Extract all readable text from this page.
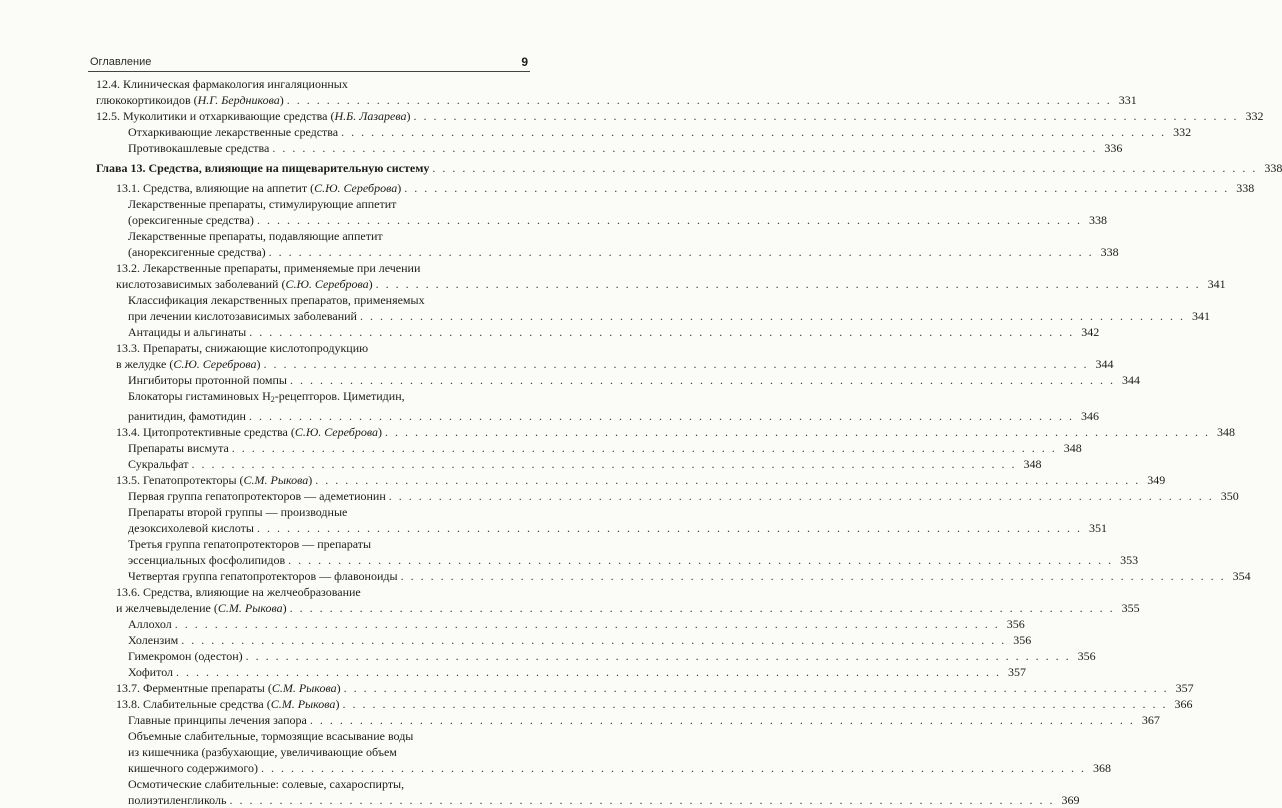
Оглавление	9
12.4. Клиническая фармакология ингаляционных
глюкокортикоидов (Н.Г. Бердникова) . . .	331
12.5. Муколитики и отхаркивающие средства (Н.Б. Лазарева) . . .	332
Отхаркивающие лекарственные средства . . .	332
Противокашлевые средства . . .	336
Глава 13. Средства, влияющие на пищеварительную систему . . .	338
13.1. Средства, влияющие на аппетит (С.Ю. Сереброва) . . .	338
Лекарственные препараты, стимулирующие аппетит
(орексигенные средства) . . .	338
Лекарственные препараты, подавляющие аппетит
(анорексигенные средства) . . .	338
13.2. Лекарственные препараты, применяемые при лечении
кислотозависимых заболеваний (С.Ю. Сереброва) . . .	341
Классификация лекарственных препаратов, применяемых
при лечении кислотозависимых заболеваний . . .	341
Антациды и альгинаты . . .	342
13.3. Препараты, снижающие кислотопродукцию
в желудке (С.Ю. Сереброва) . . .	344
Ингибиторы протонной помпы . . .	344
Блокаторы гистаминовых $H_2$-рецепторов. Циметидин,
ранитидин, фамотидин . . .	346
13.4. Цитопротективные средства (С.Ю. Сереброва) . . .	348
Препараты висмута . . .	348
Сукральфат . . .	348
13.5. Гепатопротекторы (С.М. Рыкова) . . .	349
Первая группа гепатопротекторов — адеметионин . . .	350
Препараты второй группы — производные
дезоксихолевой кислоты . . .	351
Третья группа гепатопротекторов — препараты
эссенциальных фосфолипидов . . .	353
Четвертая группа гепатопротекторов — флавоноиды . . .	354
13.6. Средства, влияющие на желчеобразование
и желчевыделение (С.М. Рыкова) . . .	355
Аллохол . . .	356
Холензим . . .	356
Гимекромон (одестон) . . .	356
Хофитол . . .	357
13.7. Ферментные препараты (С.М. Рыкова) . . .	357
13.8. Слабительные средства (С.М. Рыкова) . . .	366
Главные принципы лечения запора . . .	367
Объемные слабительные, тормозящие всасывание воды
из кишечника (разбухающие, увеличивающие объем
кишечного содержимого) . . .	368
Осмотические слабительные: солевые, сахароспирты,
полиэтиленгликоль . . .	369
